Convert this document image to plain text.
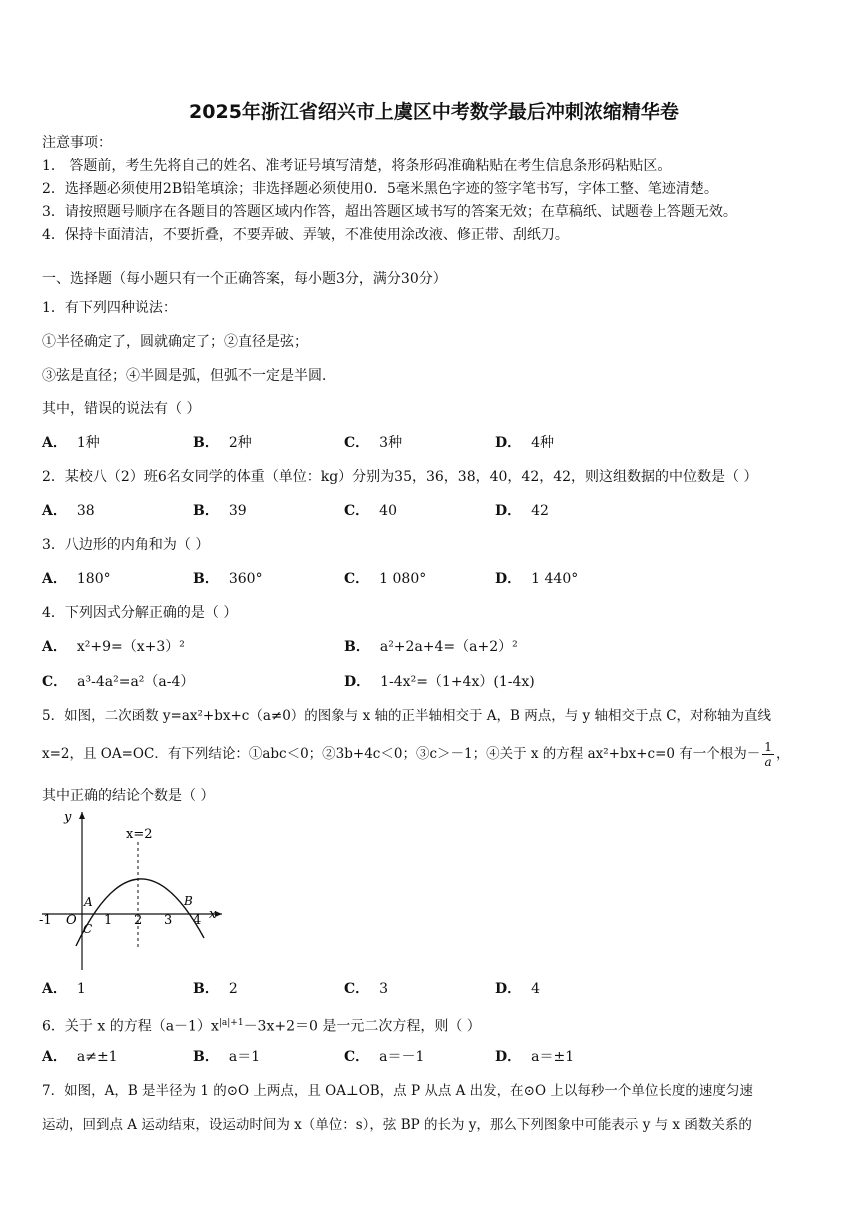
2025年浙江省绍兴市上虞区中考数学最后冲刺浓缩精华卷
注意事项：
1． 答题前，考生先将自己的姓名、准考证号填写清楚，将条形码准确粘贴在考生信息条形码粘贴区。
2．选择题必须使用2B铅笔填涂；非选择题必须使用0．5毫米黑色字迹的签字笔书写，字体工整、笔迹清楚。
3．请按照题号顺序在各题目的答题区域内作答，超出答题区域书写的答案无效；在草稿纸、试题卷上答题无效。
4．保持卡面清洁，不要折叠，不要弄破、弄皱，不准使用涂改液、修正带、刮纸刀。
一、选择题（每小题只有一个正确答案，每小题3分，满分30分）
1．有下列四种说法：
①半径确定了，圆就确定了；②直径是弦；
③弦是直径；④半圆是弧，但弧不一定是半圆．
其中，错误的说法有（ ）
A． 1种	B． 2种	C． 3种	D． 4种
2．某校八（2）班6名女同学的体重（单位：kg）分别为35，36，38，40，42，42，则这组数据的中位数是（ ）
A． 38	B． 39	C． 40	D． 42
3．八边形的内角和为（ ）
A． 180°	B． 360°	C． 1 080°	D． 1 440°
4．下列因式分解正确的是（ ）
A． x²+9=（x+3）²	B． a²+2a+4=（a+2）²
C． a³-4a²=a²（a-4）	D． 1-4x²=（1+4x）(1-4x)
5．如图，二次函数 y=ax²+bx+c（a≠0）的图象与 x 轴的正半轴相交于 A，B 两点，与 y 轴相交于点 C，对称轴为直线
x=2，且 OA=OC．有下列结论：①abc＜0；②3b+4c＜0；③c＞－1；④关于 x 的方程 ax²+bx+c=0 有一个根为－ $\frac{1}{a}$ ，
其中正确的结论个数是（ ）
y
x
x=2
O
-1	1 2 3 4
A	B
C
A． 1	B． 2	C． 3	D． 4
6．关于 x 的方程$(a-1)x^{|a|+1}-3x+2=0$ 是一元二次方程，则（ ）
A． a≠±1	B． a＝1	C． a＝－1	D． a＝±1
7．如图，A，B 是半径为 1 的⊙O 上两点，且 OA⊥OB，点 P 从点 A 出发，在⊙O 上以每秒一个单位长度的速度匀速
运动，回到点 A 运动结束，设运动时间为 x（单位：s），弦 BP 的长为 y，那么下列图象中可能表示 y 与 x 函数关系的
